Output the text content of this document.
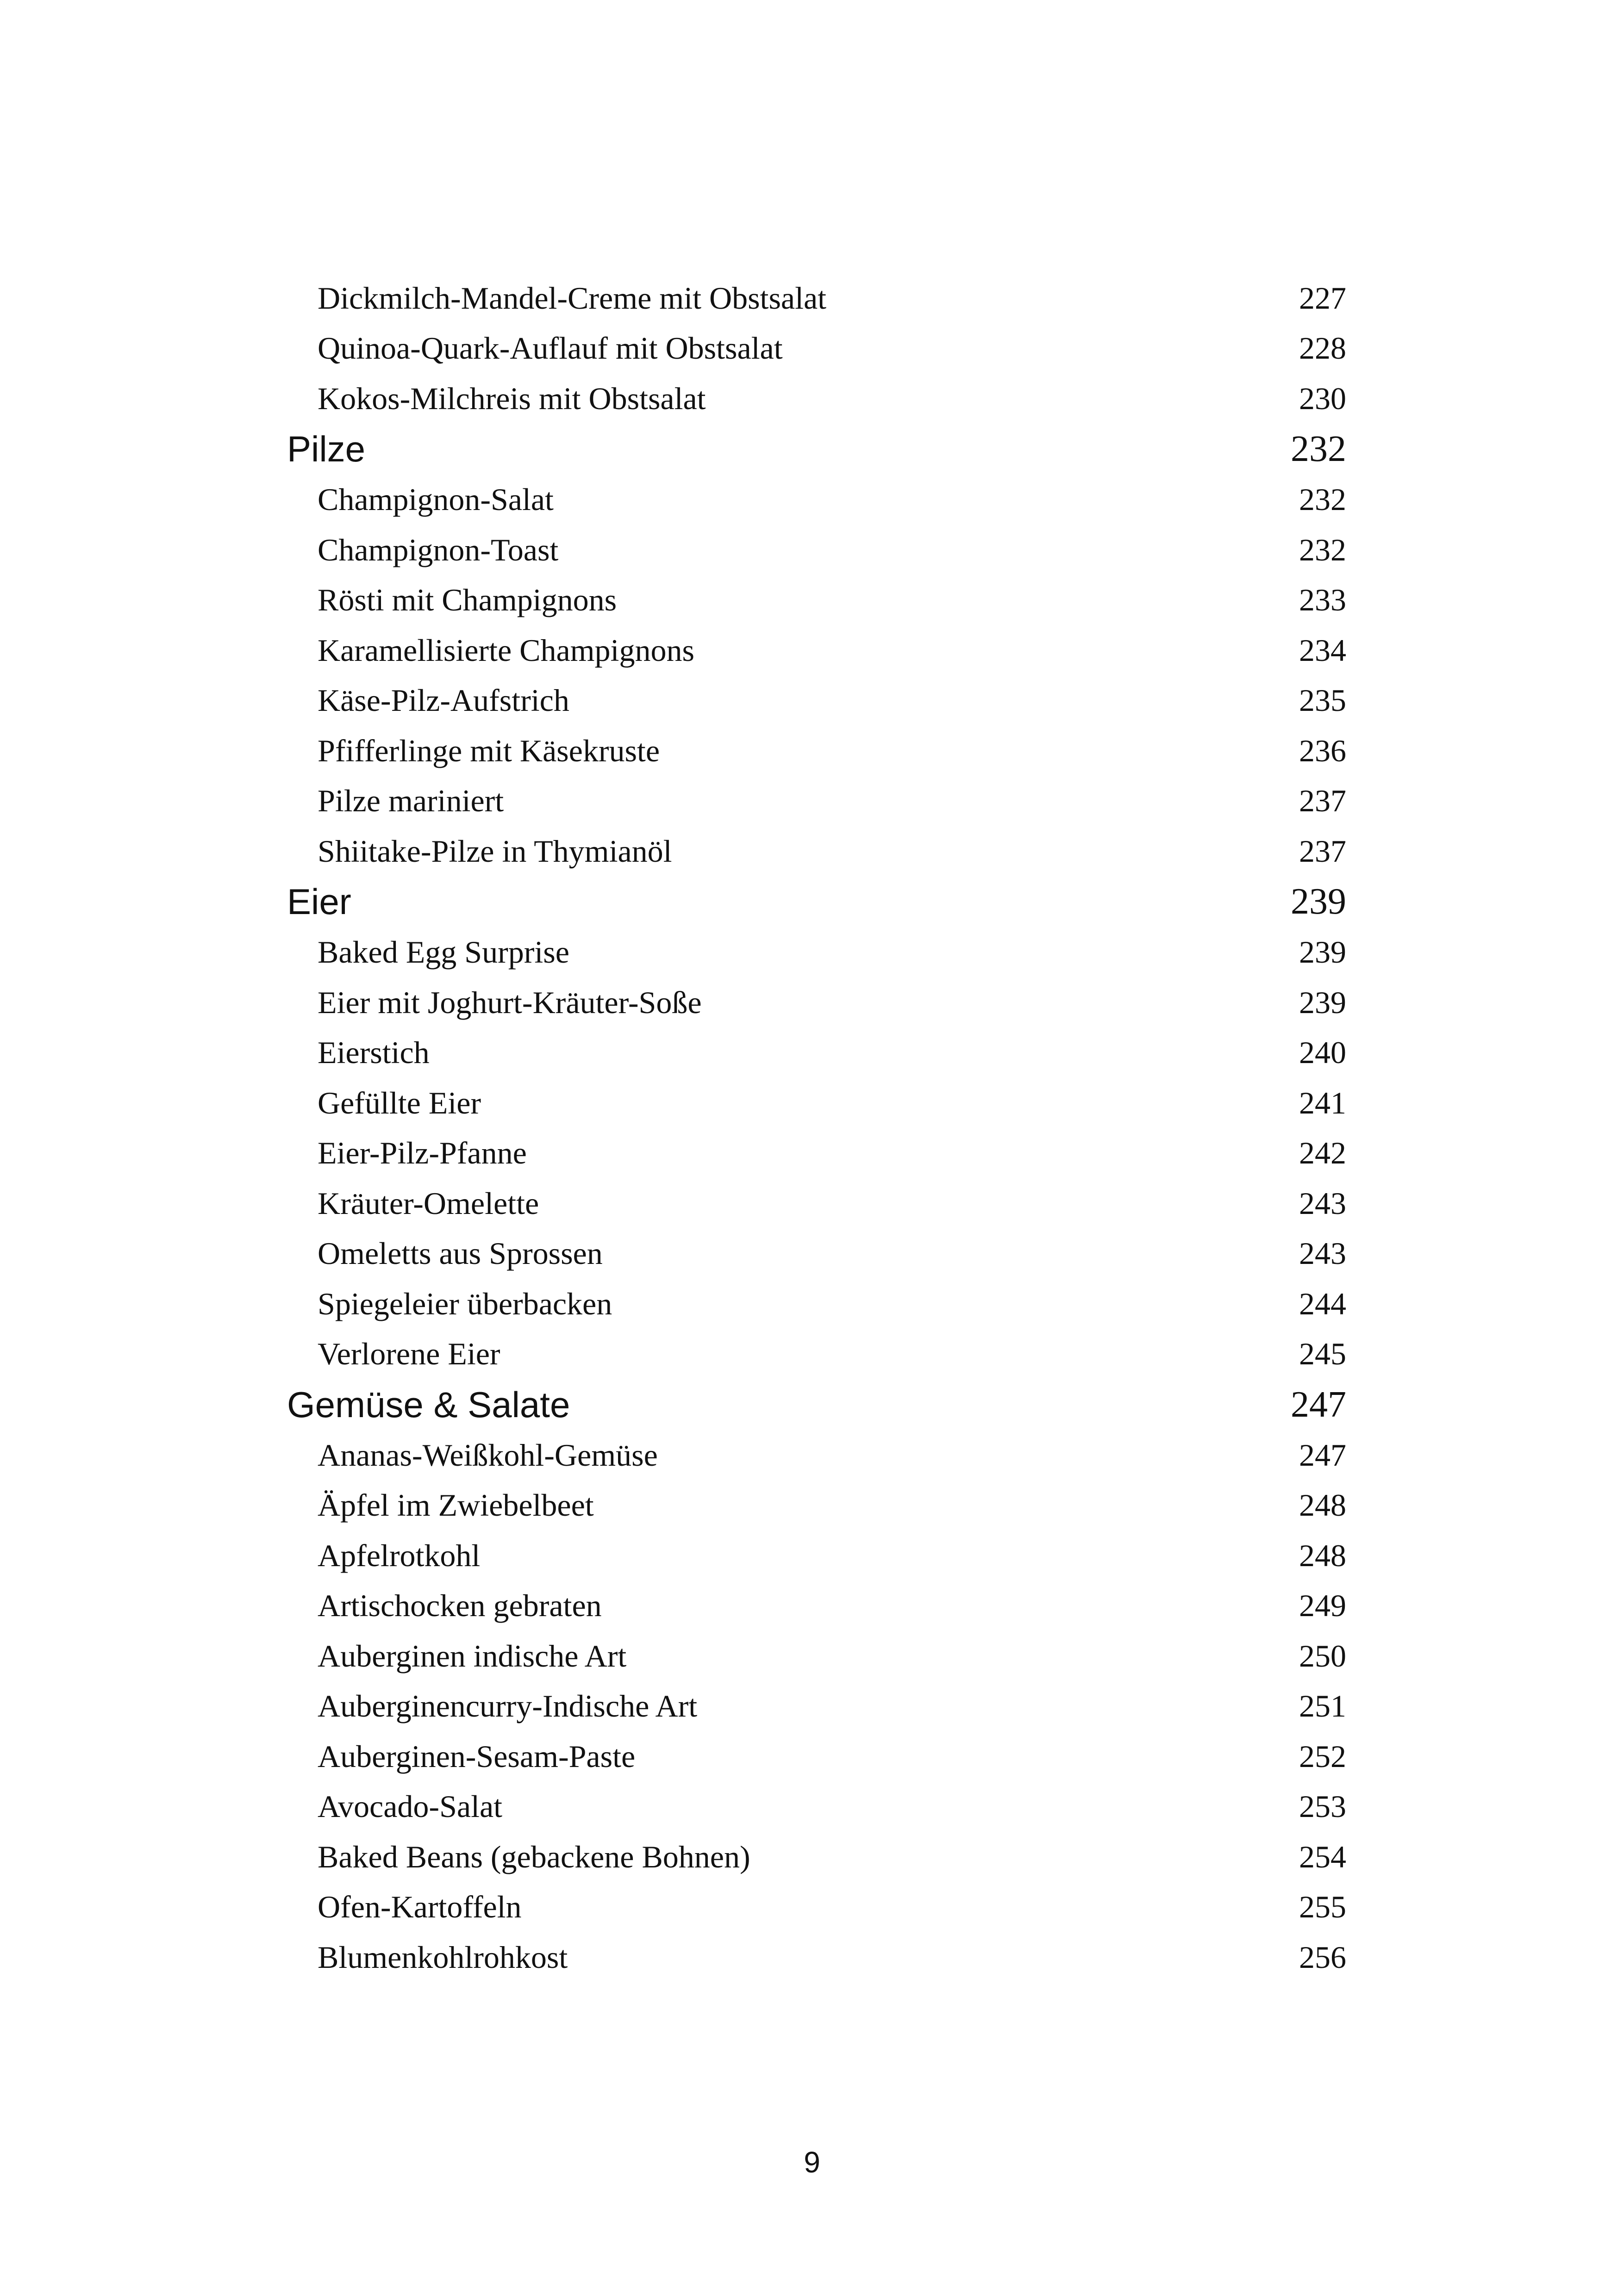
Dickmilch-Mandel-Creme mit Obstsalat	227
Quinoa-Quark-Auflauf mit Obstsalat	228
Kokos-Milchreis mit Obstsalat	230
Pilze	232
Champignon-Salat	232
Champignon-Toast	232
Rösti mit Champignons	233
Karamellisierte Champignons	234
Käse-Pilz-Aufstrich	235
Pfifferlinge mit Käsekruste	236
Pilze mariniert	237
Shiitake-Pilze in Thymianöl	237
Eier	239
Baked Egg Surprise	239
Eier mit Joghurt-Kräuter-Soße	239
Eierstich	240
Gefüllte Eier	241
Eier-Pilz-Pfanne	242
Kräuter-Omelette	243
Omeletts aus Sprossen	243
Spiegeleier überbacken	244
Verlorene Eier	245
Gemüse & Salate	247
Ananas-Weißkohl-Gemüse	247
Äpfel im Zwiebelbeet	248
Apfelrotkohl	248
Artischocken gebraten	249
Auberginen indische Art	250
Auberginencurry-Indische Art	251
Auberginen-Sesam-Paste	252
Avocado-Salat	253
Baked Beans (gebackene Bohnen)	254
Ofen-Kartoffeln	255
Blumenkohlrohkost	256
9
